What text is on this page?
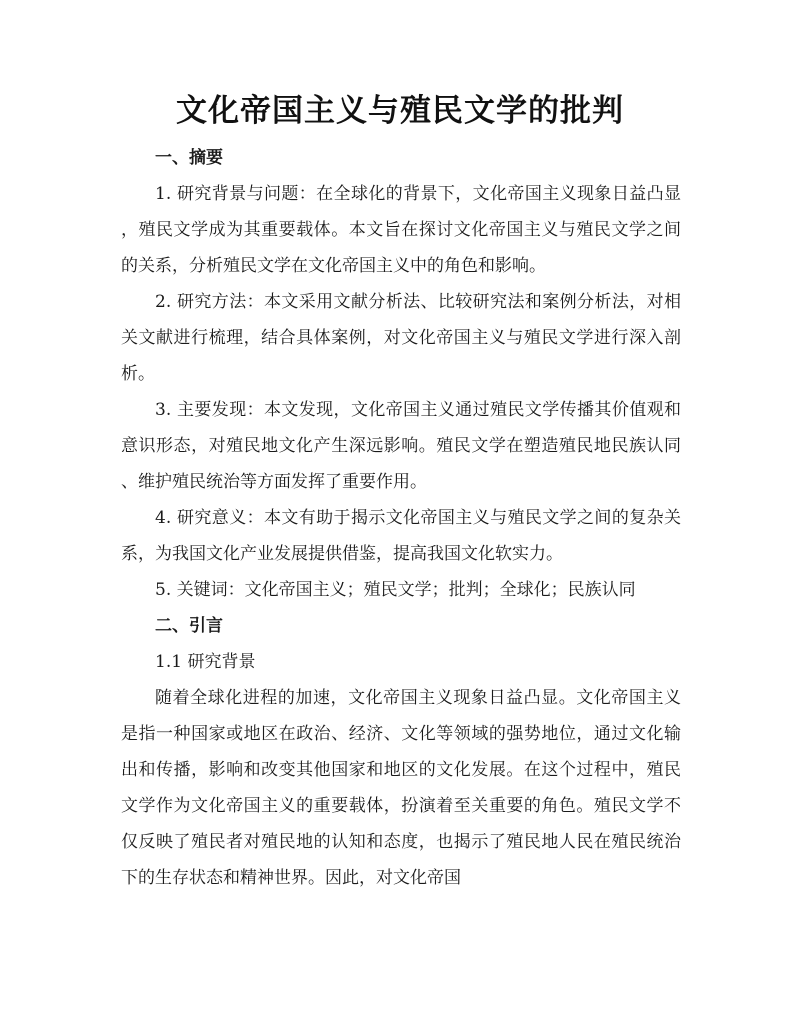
文化帝国主义与殖民文学的批判

一、摘要

1. 研究背景与问题：在全球化的背景下，文化帝国主义现象日益凸显，殖民文学成为其重要载体。本文旨在探讨文化帝国主义与殖民文学之间的关系，分析殖民文学在文化帝国主义中的角色和影响。

2. 研究方法：本文采用文献分析法、比较研究法和案例分析法，对相关文献进行梳理，结合具体案例，对文化帝国主义与殖民文学进行深入剖析。

3. 主要发现：本文发现，文化帝国主义通过殖民文学传播其价值观和意识形态，对殖民地文化产生深远影响。殖民文学在塑造殖民地民族认同、维护殖民统治等方面发挥了重要作用。

4. 研究意义：本文有助于揭示文化帝国主义与殖民文学之间的复杂关系，为我国文化产业发展提供借鉴，提高我国文化软实力。

5. 关键词：文化帝国主义；殖民文学；批判；全球化；民族认同

二、引言

1.1 研究背景

随着全球化进程的加速，文化帝国主义现象日益凸显。文化帝国主义是指一种国家或地区在政治、经济、文化等领域的强势地位，通过文化输出和传播，影响和改变其他国家和地区的文化发展。在这个过程中，殖民文学作为文化帝国主义的重要载体，扮演着至关重要的角色。殖民文学不仅反映了殖民者对殖民地的认知和态度，也揭示了殖民地人民在殖民统治下的生存状态和精神世界。因此，对文化帝国
